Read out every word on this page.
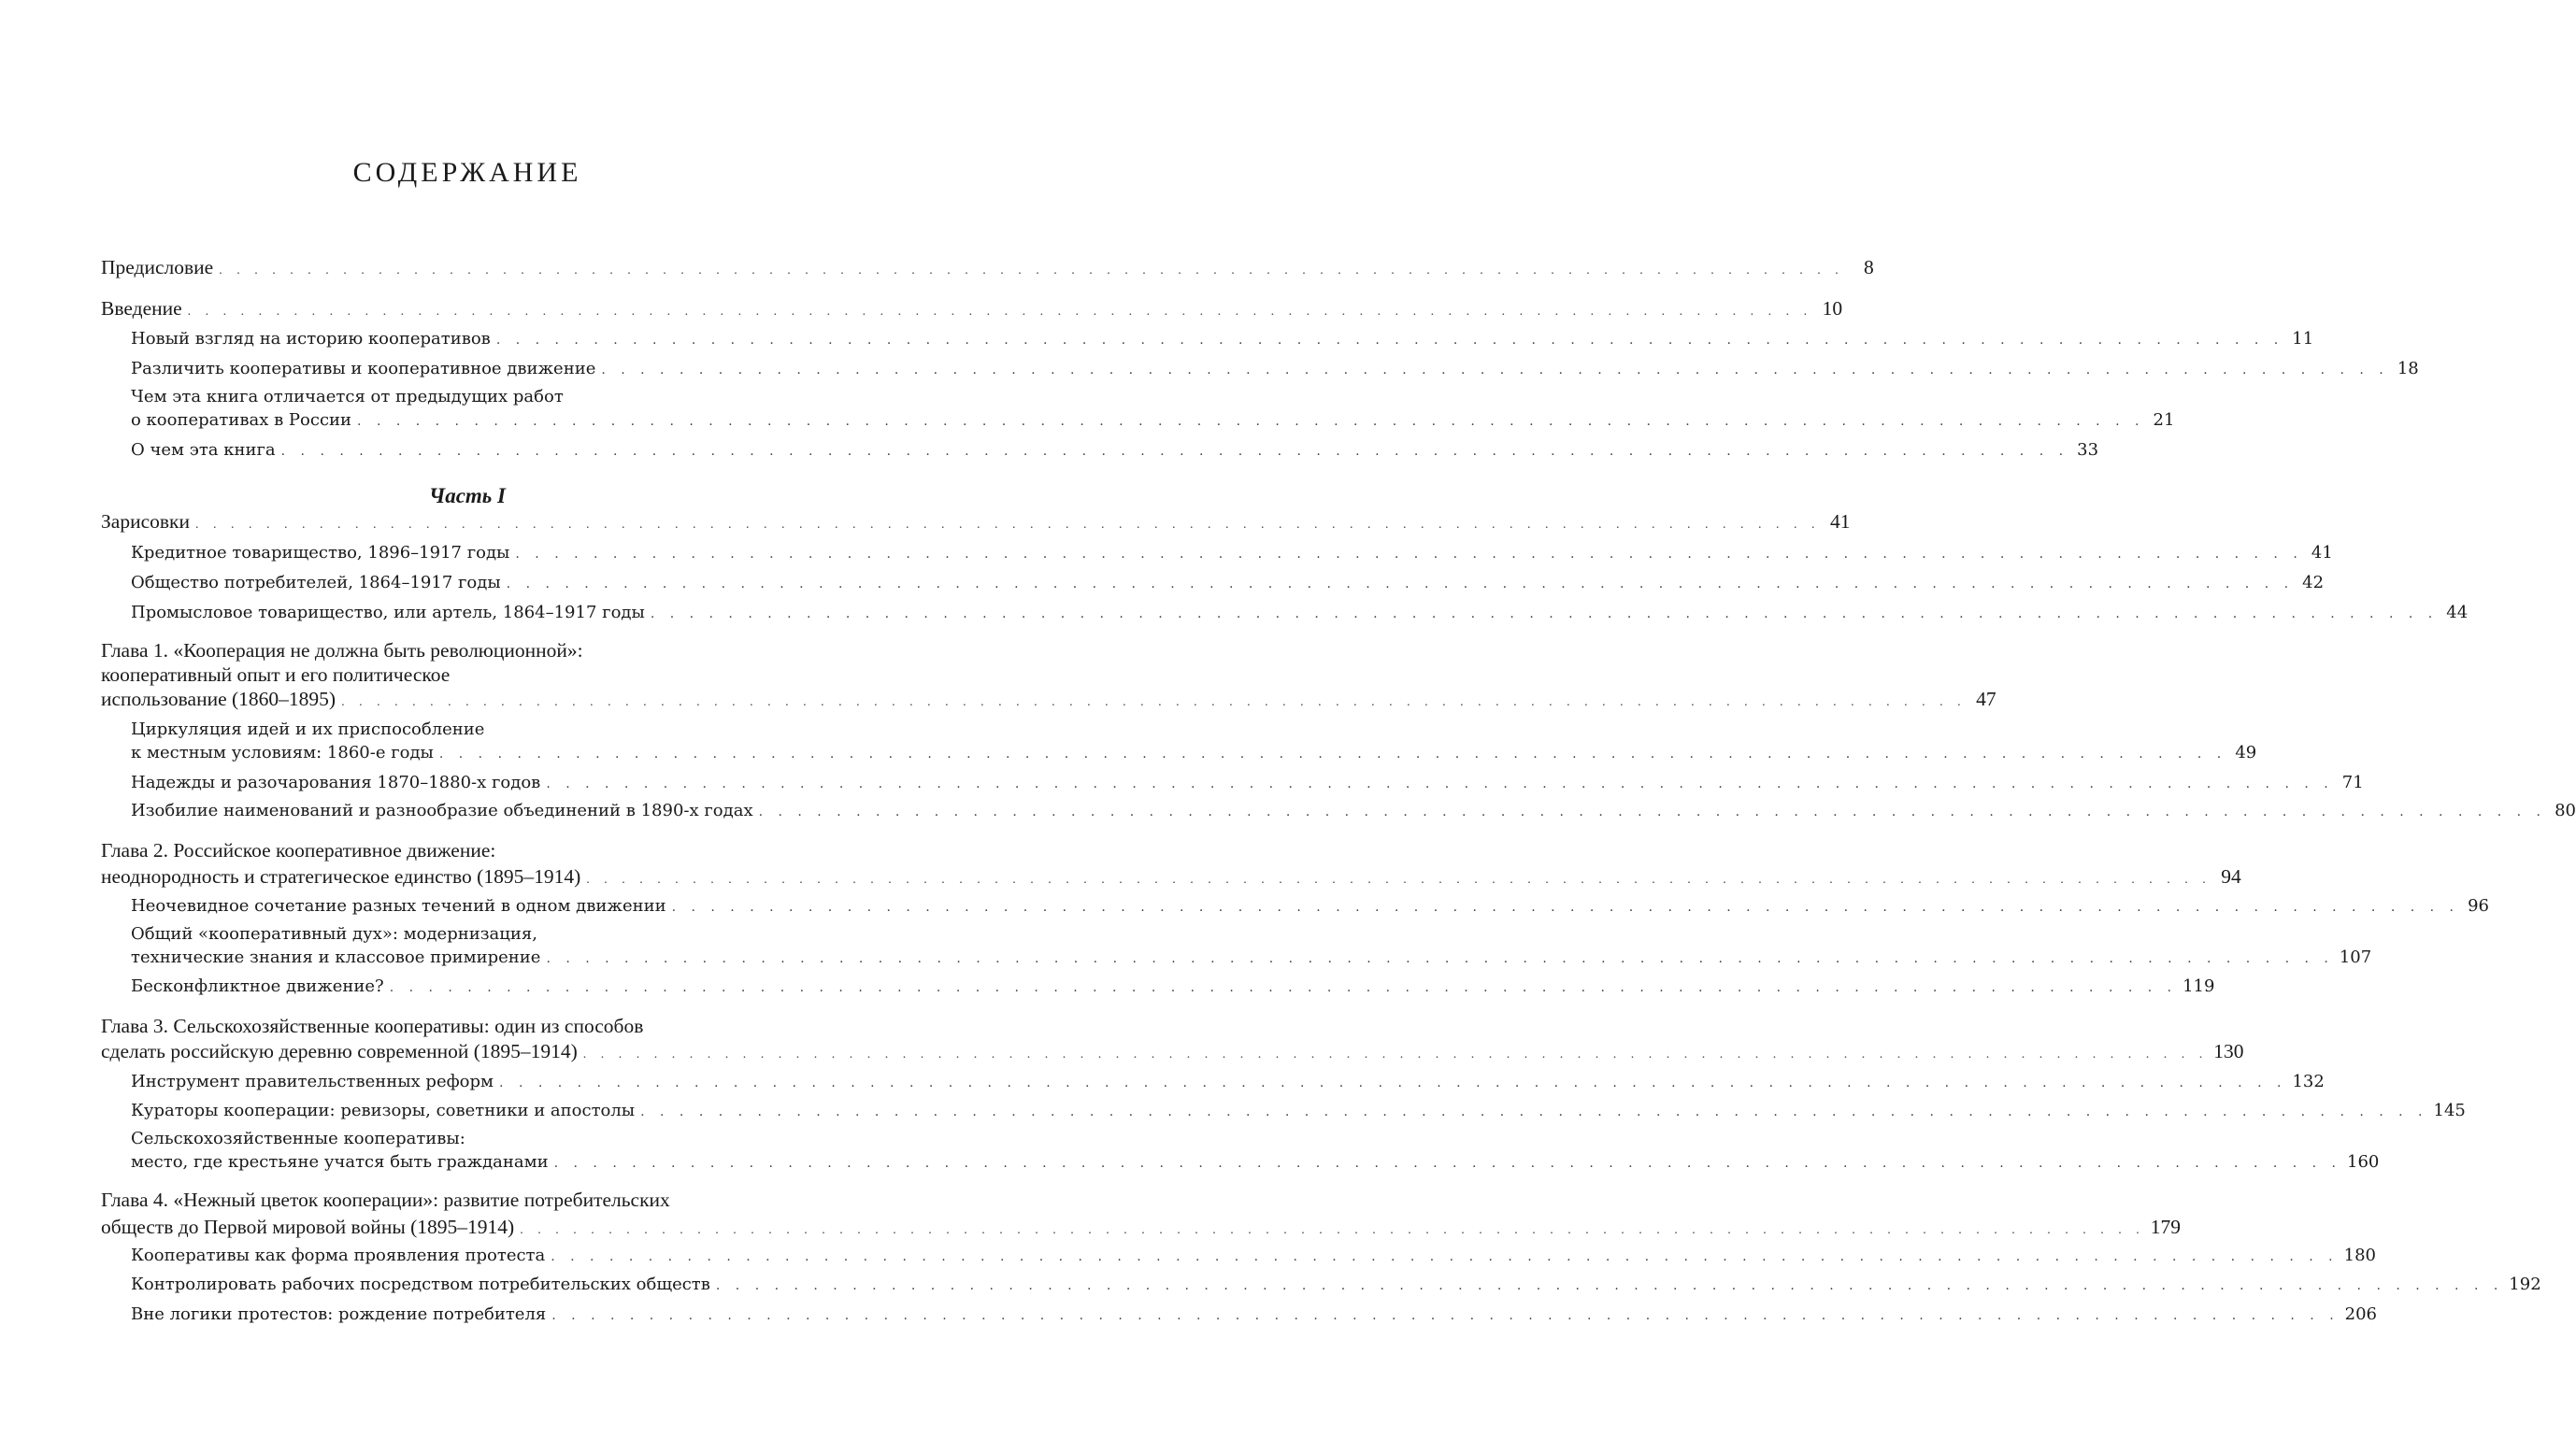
СОДЕРЖАНИЕ
Предисловие . . .	8
Введение . . .	10
Новый взгляд на историю кооперативов . . .	11
Различить кооперативы и кооперативное движение . . .	18
Чем эта книга отличается от предыдущих работ
о кооперативах в России . . .	21
О чем эта книга . . .	33
Часть I
Зарисовки . . .	41
Кредитное товарищество, 1896–1917 годы . . .	41
Общество потребителей, 1864–1917 годы . . .	42
Промысловое товарищество, или артель, 1864–1917 годы . . .	44
Глава 1. «Кооперация не должна быть революционной»:
кооперативный опыт и его политическое
использование (1860–1895) . . .	47
Циркуляция идей и их приспособление
к местным условиям: 1860-е годы . . .	49
Надежды и разочарования 1870–1880-х годов . . .	71
Изобилие наименований и разнообразие объединений в 1890-х годах . . .	80
Глава 2. Российское кооперативное движение:
неоднородность и стратегическое единство (1895–1914) . . .	94
Неочевидное сочетание разных течений в одном движении . . .	96
Общий «кооперативный дух»: модернизация,
технические знания и классовое примирение . . .	107
Бесконфликтное движение? . . .	119
Глава 3. Сельскохозяйственные кооперативы: один из способов
сделать российскую деревню современной (1895–1914) . . .	130
Инструмент правительственных реформ . . .	132
Кураторы кооперации: ревизоры, советники и апостолы . . .	145
Сельскохозяйственные кооперативы:
место, где крестьяне учатся быть гражданами . . .	160
Глава 4. «Нежный цветок кооперации»: развитие потребительских
обществ до Первой мировой войны (1895–1914) . . .	179
Кооперативы как форма проявления протеста . . .	180
Контролировать рабочих посредством потребительских обществ . . .	192
Вне логики протестов: рождение потребителя . . .	206
